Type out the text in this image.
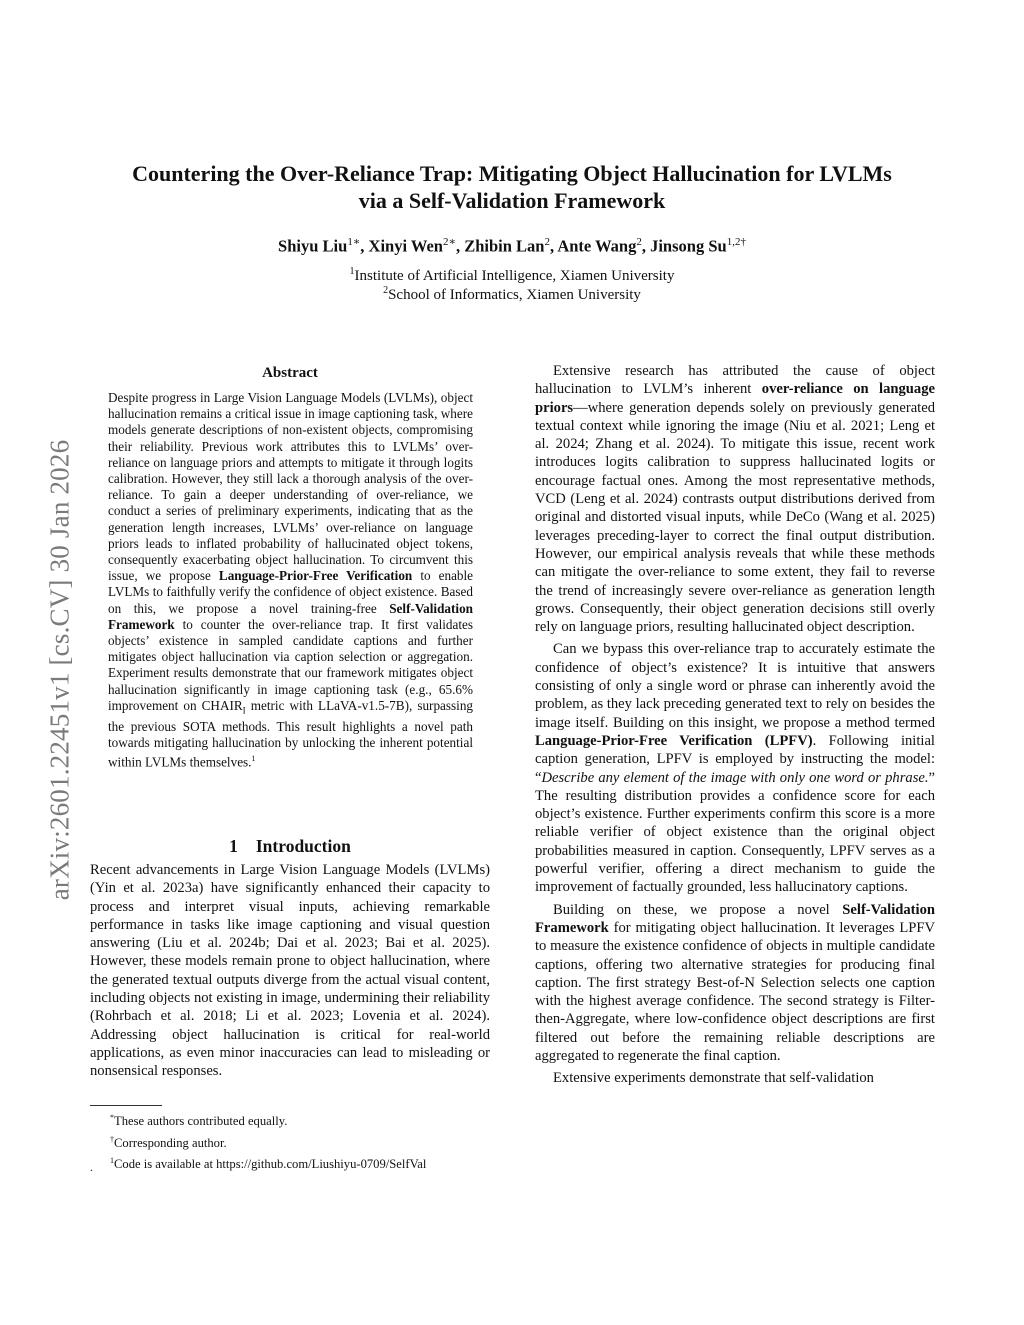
arXiv:2601.22451v1 [cs.CV] 30 Jan 2026
Countering the Over-Reliance Trap: Mitigating Object Hallucination for LVLMs
via a Self-Validation Framework
Shiyu Liu$^{1∗}$, Xinyi Wen$^{2∗}$, Zhibin Lan$^2$, Ante Wang$^2$, Jinsong $Su^{1,2\dagger}$
$^1$Institute of Artificial Intelligence, Xiamen University
$^2$School of Informatics, Xiamen University
Abstract
Despite progress in Large Vision Language Models (LVLMs), object hallucination remains a critical issue in image captioning task, where models generate descriptions of non-existent objects, compromising their reliability. Previous work attributes this to LVLMs’ over-reliance on language priors and attempts to mitigate it through logits calibration. However, they still lack a thorough analysis of the over-reliance. To gain a deeper understanding of over-reliance, we conduct a series of preliminary experiments, indicating that as the generation length increases, LVLMs’ over-reliance on language priors leads to inflated probability of hallucinated object tokens, consequently exacerbating object hallucination. To circumvent this issue, we propose Language-Prior-Free Verification to enable LVLMs to faithfully verify the confidence of object existence. Based on this, we propose a novel training-free Self-Validation Framework to counter the over-reliance trap. It first validates objects’ existence in sampled candidate captions and further mitigates object hallucination via caption selection or aggregation. Experiment results demonstrate that our framework mitigates object hallucination significantly in image captioning task (e.g., 65.6% improvement on $CHAIR_I$ metric with LLaVA-v1.5-7B), surpassing the previous SOTA methods. This result highlights a novel path towards mitigating hallucination by unlocking the inherent potential within LVLMs themselves.$^1$
1 Introduction

Recent advancements in Large Vision Language Models (LVLMs) (Yin et al. 2023a) have significantly enhanced their capacity to process and interpret visual inputs, achieving remarkable performance in tasks like image captioning and visual question answering (Liu et al. 2024b; Dai et al. 2023; Bai et al. 2025). However, these models remain prone to object hallucination, where the generated textual outputs diverge from the actual visual content, including objects not existing in image, undermining their reliability (Rohrbach et al. 2018; Li et al. 2023; Lovenia et al. 2024). Addressing object hallucination is critical for real-world applications, as even minor inaccuracies can lead to misleading or nonsensical responses.

*These authors contributed equally.
†Corresponding author.
$^1$Code is available at https://github.com/Liushiyu-0709/SelfVal
.

Extensive research has attributed the cause of object hallucination to LVLM’s inherent over-reliance on language priors—where generation depends solely on previously generated textual context while ignoring the image (Niu et al. 2021; Leng et al. 2024; Zhang et al. 2024). To mitigate this issue, recent work introduces logits calibration to suppress hallucinated logits or encourage factual ones. Among the most representative methods, VCD (Leng et al. 2024) contrasts output distributions derived from original and distorted visual inputs, while DeCo (Wang et al. 2025) leverages preceding-layer to correct the final output distribution. However, our empirical analysis reveals that while these methods can mitigate the over-reliance to some extent, they fail to reverse the trend of increasingly severe over-reliance as generation length grows. Consequently, their object generation decisions still overly rely on language priors, resulting hallucinated object description.

Can we bypass this over-reliance trap to accurately estimate the confidence of object’s existence? It is intuitive that answers consisting of only a single word or phrase can inherently avoid the problem, as they lack preceding generated text to rely on besides the image itself. Building on this insight, we propose a method termed Language-Prior-Free Verification (LPFV). Following initial caption generation, LPFV is employed by instructing the model: “Describe any element of the image with only one word or phrase.” The resulting distribution provides a confidence score for each object’s existence. Further experiments confirm this score is a more reliable verifier of object existence than the original object probabilities measured in caption. Consequently, LPFV serves as a powerful verifier, offering a direct mechanism to guide the improvement of factually grounded, less hallucinatory captions.

Building on these, we propose a novel Self-Validation Framework for mitigating object hallucination. It leverages LPFV to measure the existence confidence of objects in multiple candidate captions, offering two alternative strategies for producing final caption. The first strategy Best-of-N Selection selects one caption with the highest average confidence. The second strategy is Filter-then-Aggregate, where low-confidence object descriptions are first filtered out before the remaining reliable descriptions are aggregated to regenerate the final caption.

Extensive experiments demonstrate that self-validation
